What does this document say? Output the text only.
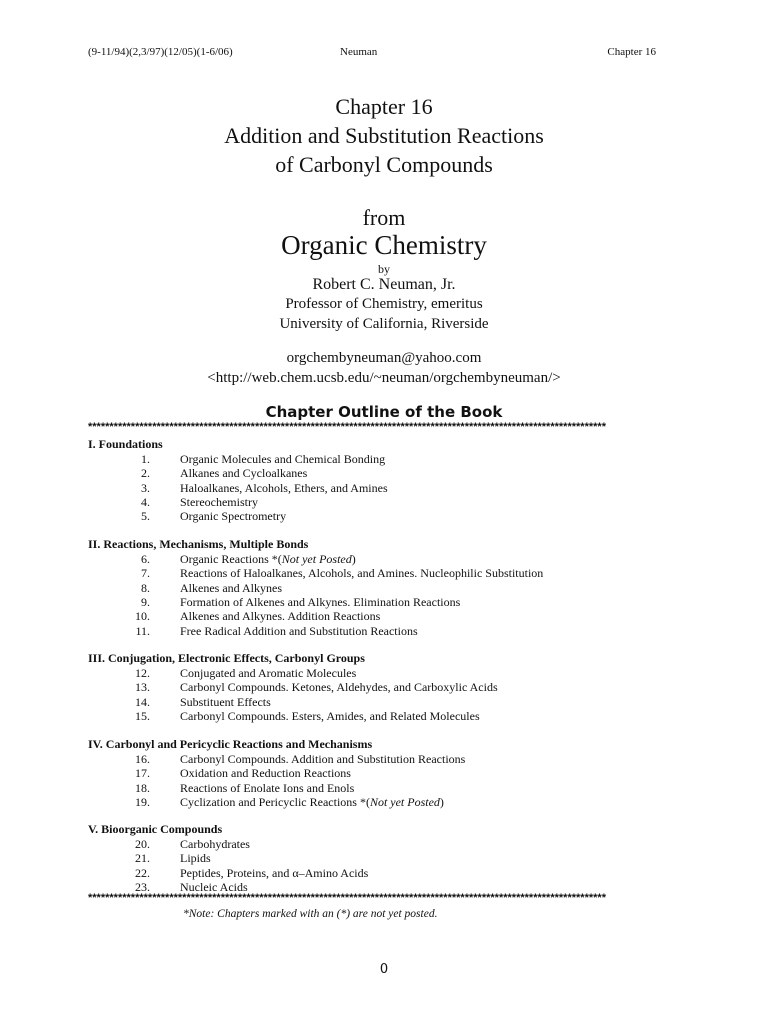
(9-11/94)(2,3/97)(12/05)(1-6/06)	Neuman	Chapter 16
Chapter 16
Addition and Substitution Reactions
of Carbonyl Compounds
from
Organic Chemistry
by
Robert C. Neuman, Jr.
Professor of Chemistry, emeritus
University of California, Riverside
orgchembyneuman@yahoo.com
<http://web.chem.ucsb.edu/~neuman/orgchembyneuman/>
Chapter Outline of the Book
*************************************************************************************************************************
I. Foundations
1.	Organic Molecules and Chemical Bonding
2.	Alkanes and Cycloalkanes
3.	Haloalkanes, Alcohols, Ethers, and Amines
4.	Stereochemistry
5.	Organic Spectrometry
II. Reactions, Mechanisms, Multiple Bonds
6.	Organic Reactions *(Not yet Posted)
7.	Reactions of Haloalkanes, Alcohols, and Amines. Nucleophilic Substitution
8.	Alkenes and Alkynes
9.	Formation of Alkenes and Alkynes. Elimination Reactions
10.	Alkenes and Alkynes. Addition Reactions
11.	Free Radical Addition and Substitution Reactions
III. Conjugation, Electronic Effects, Carbonyl Groups
12.	Conjugated and Aromatic Molecules
13.	Carbonyl Compounds. Ketones, Aldehydes, and Carboxylic Acids
14.	Substituent Effects
15.	Carbonyl Compounds. Esters, Amides, and Related Molecules
IV. Carbonyl and Pericyclic Reactions and Mechanisms
16.	Carbonyl Compounds. Addition and Substitution Reactions
17.	Oxidation and Reduction Reactions
18.	Reactions of Enolate Ions and Enols
19.	Cyclization and Pericyclic Reactions *(Not yet Posted)
V. Bioorganic Compounds
20.	Carbohydrates
21.	Lipids
22.	Peptides, Proteins, and α–Amino Acids
23.	Nucleic Acids
*************************************************************************************************************************
*Note: Chapters marked with an (*) are not yet posted.
0
